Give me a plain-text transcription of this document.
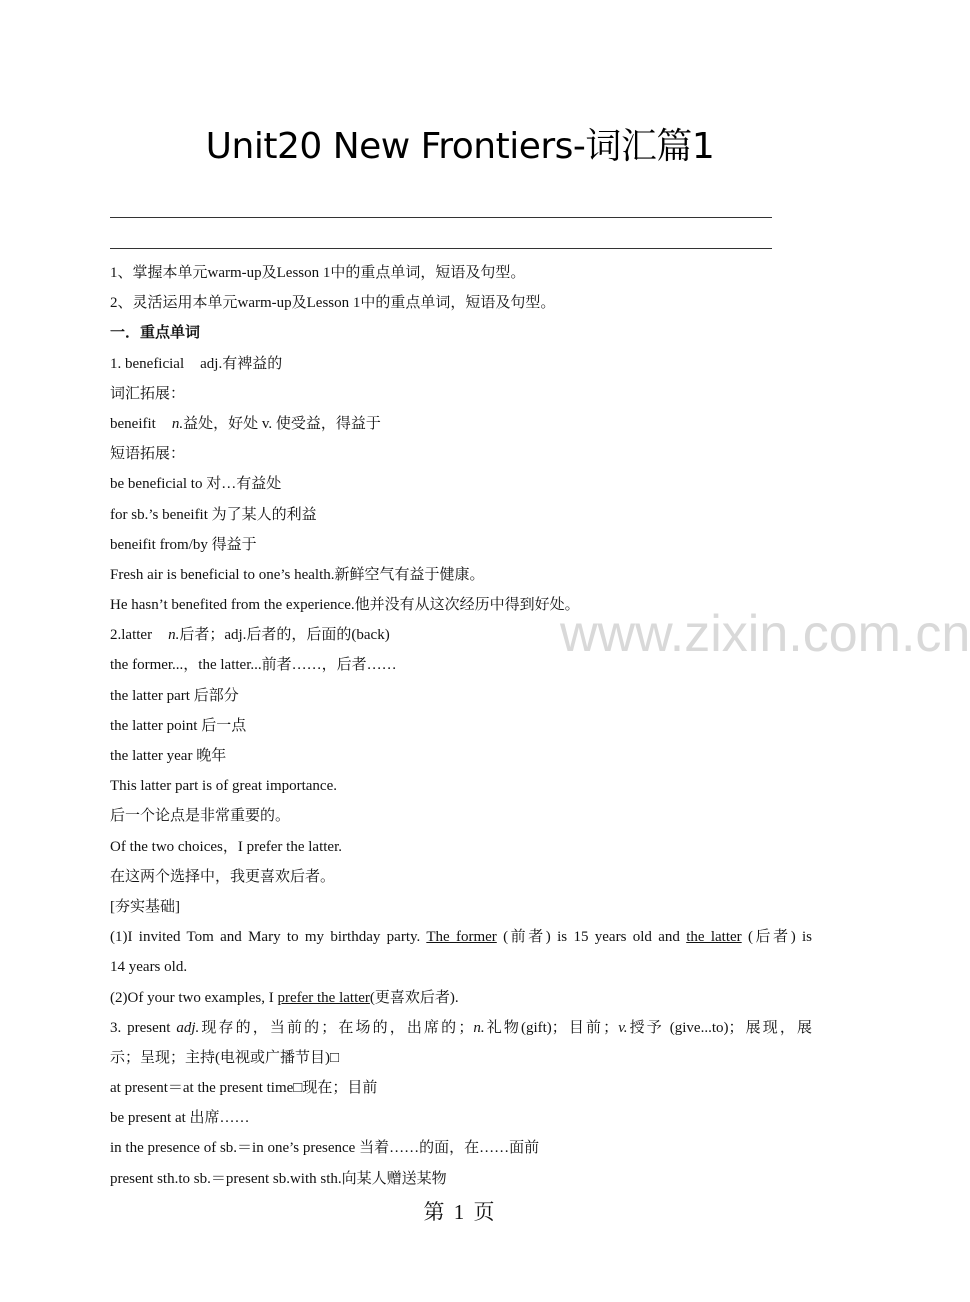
Unit20 New Frontiers-词汇篇1
www.zixin.com.cn
1、掌握本单元warm-up及Lesson 1中的重点单词，短语及句型。
2、灵活运用本单元warm-up及Lesson 1中的重点单词，短语及句型。
一．重点单词
1. beneficial adj.有裨益的
词汇拓展：
beneifit n.益处，好处 v. 使受益，得益于
短语拓展：
be beneficial to 对…有益处
for sb.’s beneifit 为了某人的利益
beneifit from/by 得益于
Fresh air is beneficial to one’s health.新鲜空气有益于健康。
He hasn’t benefited from the experience.他并没有从这次经历中得到好处。
2.latter n.后者；adj.后者的，后面的(back)
the former...，the latter...前者……，后者……
the latter part 后部分
the latter point 后一点
the latter year 晚年
This latter part is of great importance.
后一个论点是非常重要的。
Of the two choices，I prefer the latter.
在这两个选择中，我更喜欢后者。
[夯实基础]
(1)I invited Tom and Mary to my birthday party. The former (前者) is 15 years old and the latter (后者) is
14 years old.
(2)Of your two examples, I prefer the latter(更喜欢后者).
3. present adj.现存的，当前的；在场的，出席的；n.礼物(gift)；目前；v.授予 (give...to)；展现，展
示；呈现；主持(电视或广播节目)□
at present＝at the present time□现在；目前
be present at 出席……
in the presence of sb.＝in one’s presence 当着……的面，在……面前
present sth.to sb.＝present sb.with sth.向某人赠送某物
第 1 页
